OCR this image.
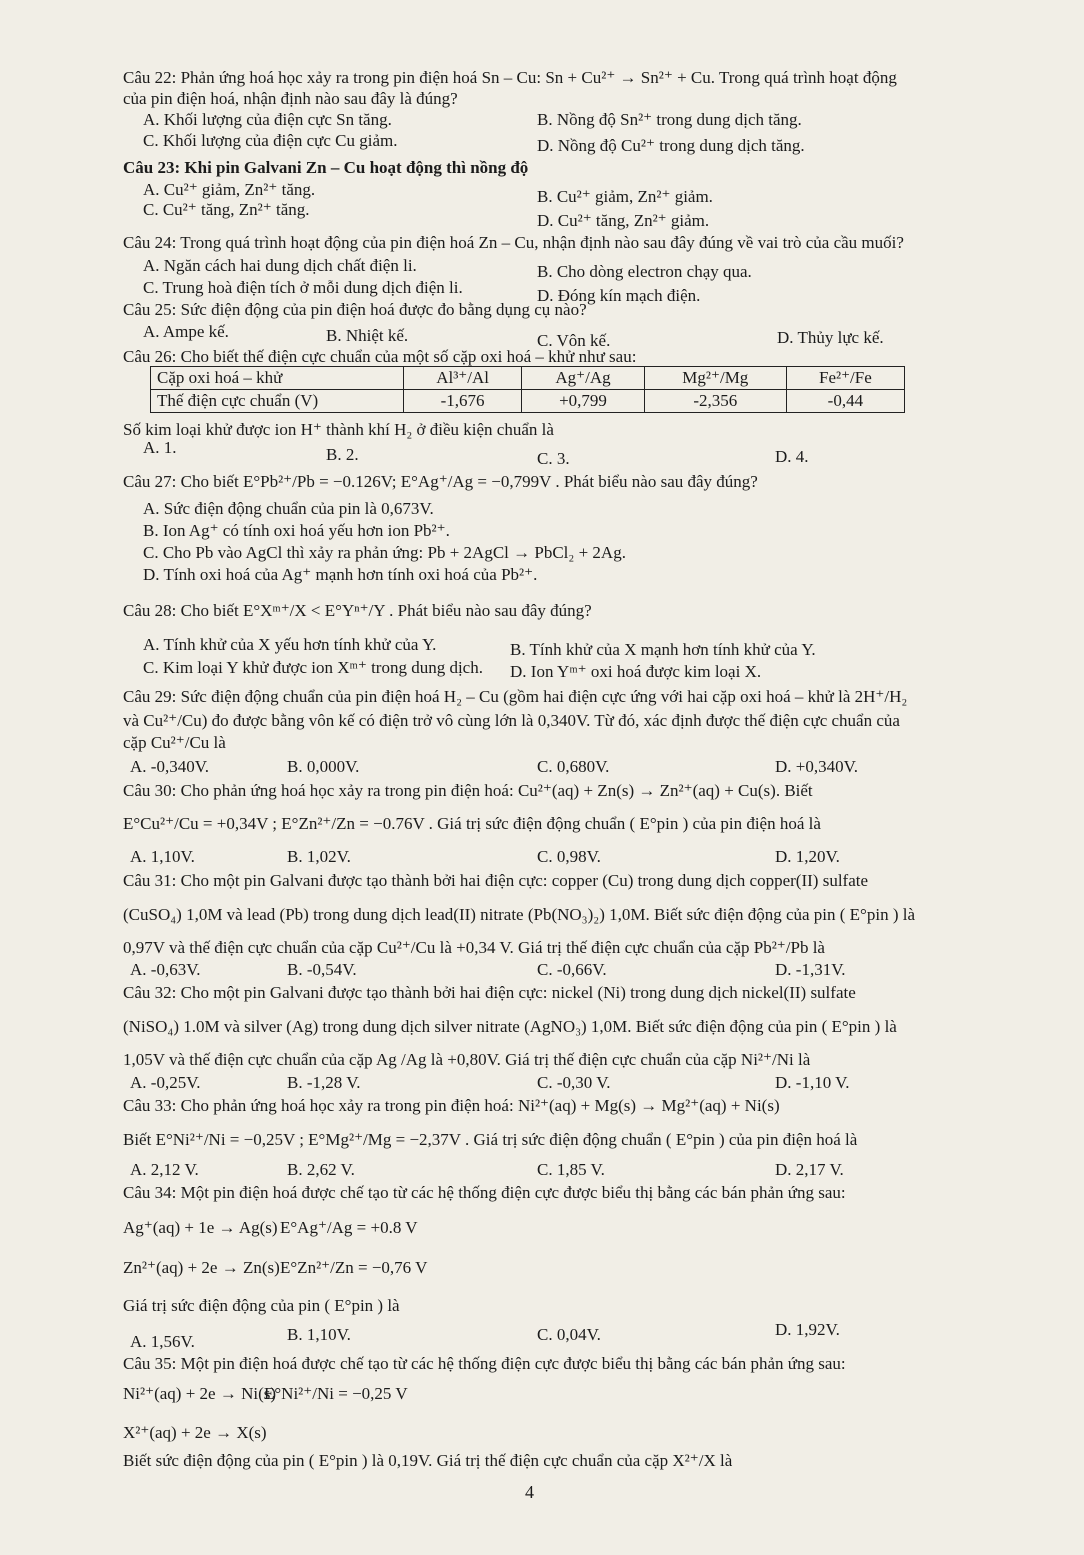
Câu 22: Phản ứng hoá học xảy ra trong pin điện hoá Sn – Cu: Sn + Cu²⁺ → Sn²⁺ + Cu. Trong quá trình hoạt động
của pin điện hoá, nhận định nào sau đây là đúng?
A. Khối lượng của điện cực Sn tăng.	B. Nồng độ Sn²⁺ trong dung dịch tăng.
C. Khối lượng của điện cực Cu giảm.	D. Nồng độ Cu²⁺ trong dung dịch tăng.
Câu 23: Khi pin Galvani Zn – Cu hoạt động thì nồng độ
A. Cu²⁺ giảm, Zn²⁺ tăng.	B. Cu²⁺ giảm, Zn²⁺ giảm.
C. Cu²⁺ tăng, Zn²⁺ tăng.
D. Cu²⁺ tăng, Zn²⁺ giảm.
Câu 24: Trong quá trình hoạt động của pin điện hoá Zn – Cu, nhận định nào sau đây đúng về vai trò của cầu muối?
A. Ngăn cách hai dung dịch chất điện li.	B. Cho dòng electron chạy qua.
C. Trung hoà điện tích ở mỗi dung dịch điện li.	D. Đóng kín mạch điện.
Câu 25: Sức điện động của pin điện hoá được đo bằng dụng cụ nào?
A. Ampe kế.	B. Nhiệt kế.	C. Vôn kế.	D. Thủy lực kế.
Câu 26: Cho biết thế điện cực chuẩn của một số cặp oxi hoá – khử như sau:
Cặp oxi hoá – khử	Al³⁺/Al	Ag⁺/Ag	Mg²⁺/Mg	Fe²⁺/Fe
Thế điện cực chuẩn (V)	-1,676	+0,799	-2,356	-0,44
Số kim loại khử được ion H⁺ thành khí H₂ ở điều kiện chuẩn là
A. 1.	B. 2.	C. 3.	D. 4.
Câu 27: Cho biết E°Pb²⁺/Pb = −0.126V; E°Ag⁺/Ag = −0,799V . Phát biểu nào sau đây đúng?
A. Sức điện động chuẩn của pin là 0,673V.
B. Ion Ag⁺ có tính oxi hoá yếu hơn ion Pb²⁺.
C. Cho Pb vào AgCl thì xảy ra phản ứng: Pb + 2AgCl → PbCl₂ + 2Ag.
D. Tính oxi hoá của Ag⁺ mạnh hơn tính oxi hoá của Pb²⁺.
Câu 28: Cho biết E°Xᵐ⁺/X < E°Yⁿ⁺/Y . Phát biểu nào sau đây đúng?
A. Tính khử của X yếu hơn tính khử của Y.	B. Tính khử của X mạnh hơn tính khử của Y.
C. Kim loại Y khử được ion Xᵐ⁺ trong dung dịch. D. Ion Yᵐ⁺ oxi hoá được kim loại X.
Câu 29: Sức điện động chuẩn của pin điện hoá H₂ – Cu (gồm hai điện cực ứng với hai cặp oxi hoá – khử là 2H⁺/H₂
và Cu²⁺/Cu) đo được bằng vôn kế có điện trở vô cùng lớn là 0,340V. Từ đó, xác định được thế điện cực chuẩn của
cặp Cu²⁺/Cu là
A. -0,340V.	B. 0,000V.	C. 0,680V.	D. +0,340V.
Câu 30: Cho phản ứng hoá học xảy ra trong pin điện hoá: Cu²⁺(aq) + Zn(s) → Zn²⁺(aq) + Cu(s). Biết
E°Cu²⁺/Cu = +0,34V ; E°Zn²⁺/Zn = −0.76V . Giá trị sức điện động chuẩn ( E°pin ) của pin điện hoá là
A. 1,10V.	B. 1,02V.	C. 0,98V.	D. 1,20V.
Câu 31: Cho một pin Galvani được tạo thành bởi hai điện cực: copper (Cu) trong dung dịch copper(II) sulfate
(CuSO₄) 1,0M và lead (Pb) trong dung dịch lead(II) nitrate (Pb(NO₃)₂) 1,0M. Biết sức điện động của pin ( E°pin ) là
0,97V và thế điện cực chuẩn của cặp Cu²⁺/Cu là +0,34 V. Giá trị thế điện cực chuẩn của cặp Pb²⁺/Pb là
A. -0,63V.	B. -0,54V.	C. -0,66V.	D. -1,31V.
Câu 32: Cho một pin Galvani được tạo thành bởi hai điện cực: nickel (Ni) trong dung dịch nickel(II) sulfate
(NiSO₄) 1.0M và silver (Ag) trong dung dịch silver nitrate (AgNO₃) 1,0M. Biết sức điện động của pin ( E°pin ) là
1,05V và thế điện cực chuẩn của cặp Ag /Ag là +0,80V. Giá trị thế điện cực chuẩn của cặp Ni²⁺/Ni là
A. -0,25V.	B. -1,28 V.	C. -0,30 V.	D. -1,10 V.
Câu 33: Cho phản ứng hoá học xảy ra trong pin điện hoá: Ni²⁺(aq) + Mg(s) → Mg²⁺(aq) + Ni(s)
Biết E°Ni²⁺/Ni = −0,25V ; E°Mg²⁺/Mg = −2,37V . Giá trị sức điện động chuẩn ( E°pin ) của pin điện hoá là
A. 2,12 V.	B. 2,62 V.	C. 1,85 V.	D. 2,17 V.
Câu 34: Một pin điện hoá được chế tạo từ các hệ thống điện cực được biểu thị bằng các bán phản ứng sau:
Ag⁺(aq) + 1e → Ag(s) E°Ag⁺/Ag = +0.8 V
Zn²⁺(aq) + 2e → Zn(s) E°Zn²⁺/Zn = −0,76 V
Giá trị sức điện động của pin ( E°pin ) là
A. 1,56V.	B. 1,10V.	C. 0,04V.	D. 1,92V.
Câu 35: Một pin điện hoá được chế tạo từ các hệ thống điện cực được biểu thị bằng các bán phản ứng sau:
Ni²⁺(aq) + 2e → Ni(s)
E°Ni²⁺/Ni = −0,25 V
X²⁺(aq) + 2e → X(s)
Biết sức điện động của pin ( E°pin ) là 0,19V. Giá trị thế điện cực chuẩn của cặp X²⁺/X là
4
